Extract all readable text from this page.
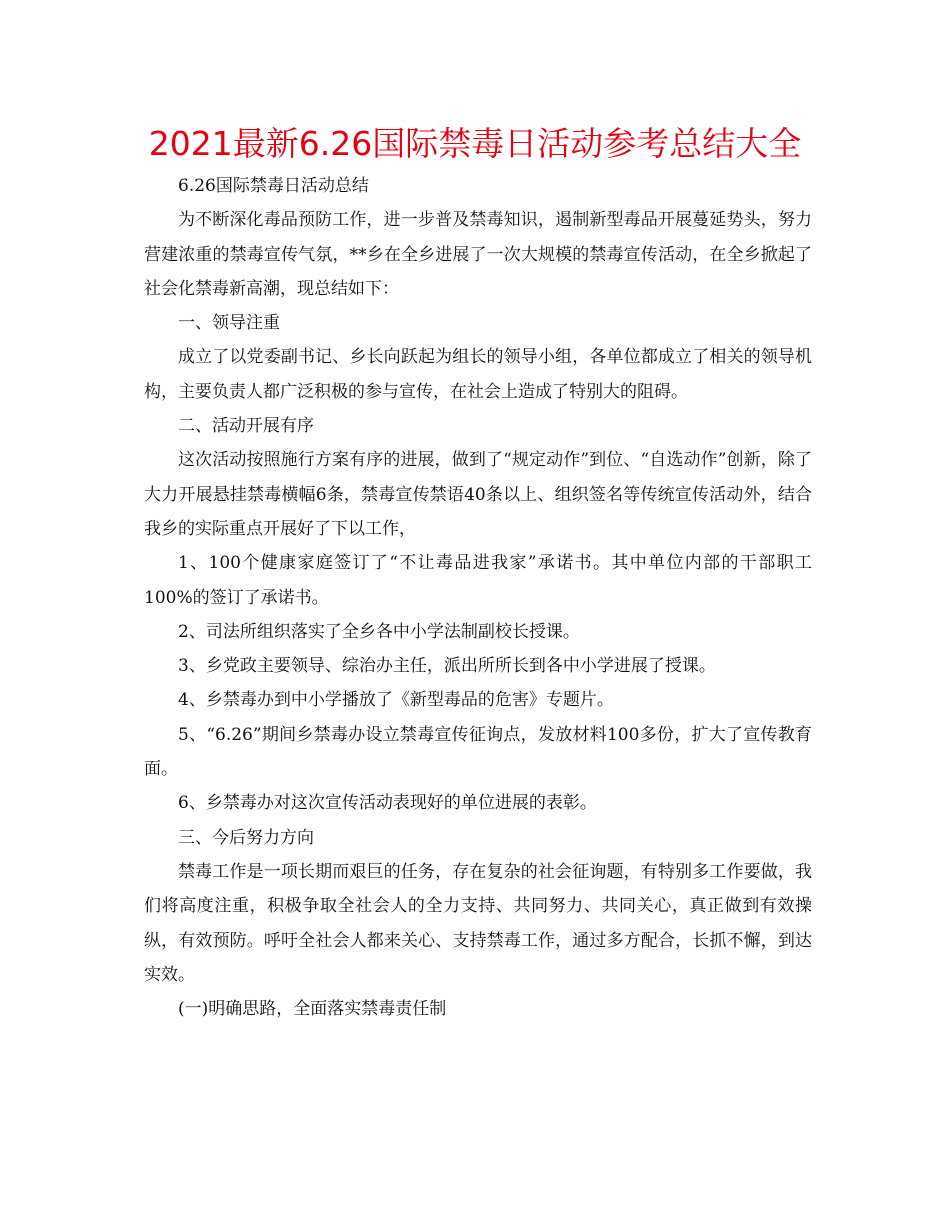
2021最新6.26国际禁毒日活动参考总结大全

6.26国际禁毒日活动总结

为不断深化毒品预防工作，进一步普及禁毒知识，遏制新型毒品开展蔓延势头，努力营建浓重的禁毒宣传气氛，**乡在全乡进展了一次大规模的禁毒宣传活动，在全乡掀起了社会化禁毒新高潮，现总结如下：

一、领导注重

成立了以党委副书记、乡长向跃起为组长的领导小组，各单位都成立了相关的领导机构，主要负责人都广泛积极的参与宣传，在社会上造成了特别大的阻碍。

二、活动开展有序

这次活动按照施行方案有序的进展，做到了“规定动作”到位、“自选动作”创新，除了大力开展悬挂禁毒横幅6条，禁毒宣传禁语40条以上、组织签名等传统宣传活动外，结合我乡的实际重点开展好了下以工作，

1、100个健康家庭签订了“不让毒品进我家”承诺书。其中单位内部的干部职工100%的签订了承诺书。

2、司法所组织落实了全乡各中小学法制副校长授课。

3、乡党政主要领导、综治办主任，派出所所长到各中小学进展了授课。

4、乡禁毒办到中小学播放了《新型毒品的危害》专题片。

5、“6.26”期间乡禁毒办设立禁毒宣传征询点，发放材料100多份，扩大了宣传教育面。

6、乡禁毒办对这次宣传活动表现好的单位进展的表彰。

三、今后努力方向

禁毒工作是一项长期而艰巨的任务，存在复杂的社会征询题，有特别多工作要做，我们将高度注重，积极争取全社会人的全力支持、共同努力、共同关心，真正做到有效操纵，有效预防。呼吁全社会人都来关心、支持禁毒工作，通过多方配合，长抓不懈，到达实效。

(一)明确思路，全面落实禁毒责任制
